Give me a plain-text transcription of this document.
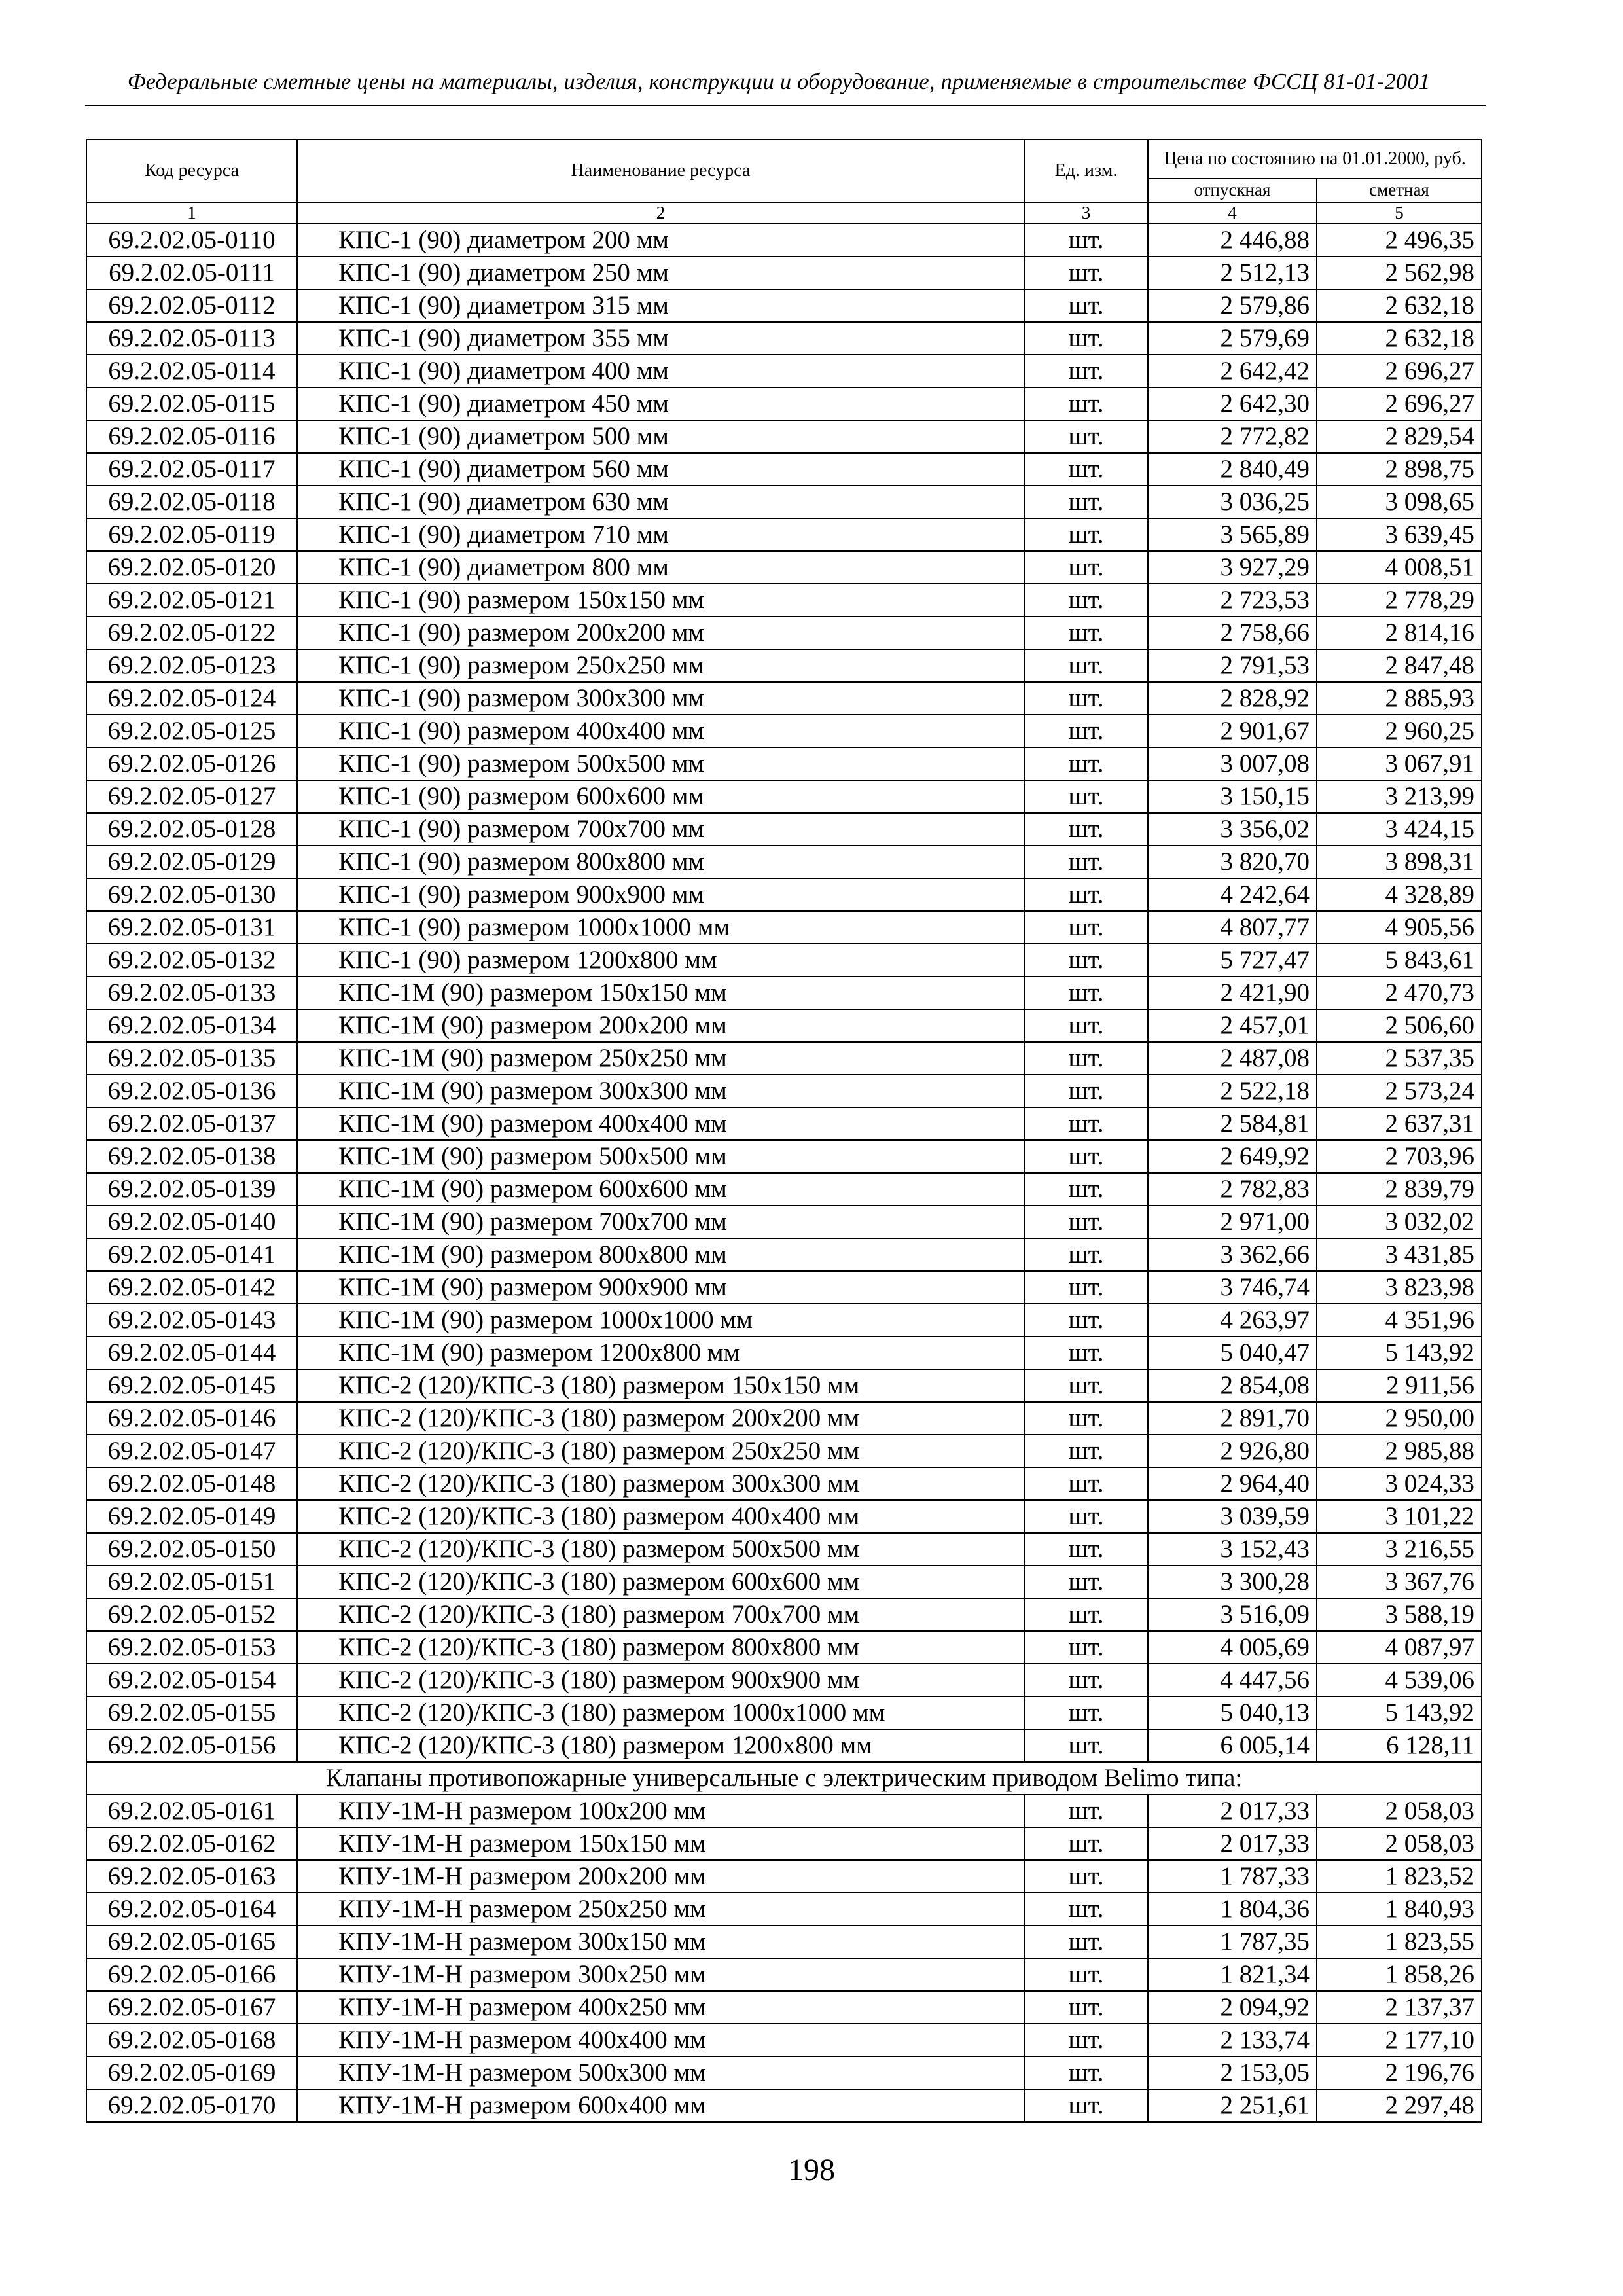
Федеральные сметные цены на материалы, изделия, конструкции и оборудование, применяемые в строительстве ФССЦ 81-01-2001
Код ресурса	Наименование ресурса	Ед. изм.	Цена по состоянию на 01.01.2000, руб.	
			отпускная	сметная
1	2	3	4	5
69.2.02.05-0110	КПС-1 (90) диаметром 200 мм	шт.	2 446,88	2 496,35
69.2.02.05-0111	КПС-1 (90) диаметром 250 мм	шт.	2 512,13	2 562,98
69.2.02.05-0112	КПС-1 (90) диаметром 315 мм	шт.	2 579,86	2 632,18
69.2.02.05-0113	КПС-1 (90) диаметром 355 мм	шт.	2 579,69	2 632,18
69.2.02.05-0114	КПС-1 (90) диаметром 400 мм	шт.	2 642,42	2 696,27
69.2.02.05-0115	КПС-1 (90) диаметром 450 мм	шт.	2 642,30	2 696,27
69.2.02.05-0116	КПС-1 (90) диаметром 500 мм	шт.	2 772,82	2 829,54
69.2.02.05-0117	КПС-1 (90) диаметром 560 мм	шт.	2 840,49	2 898,75
69.2.02.05-0118	КПС-1 (90) диаметром 630 мм	шт.	3 036,25	3 098,65
69.2.02.05-0119	КПС-1 (90) диаметром 710 мм	шт.	3 565,89	3 639,45
69.2.02.05-0120	КПС-1 (90) диаметром 800 мм	шт.	3 927,29	4 008,51
69.2.02.05-0121	КПС-1 (90) размером 150x150 мм	шт.	2 723,53	2 778,29
69.2.02.05-0122	КПС-1 (90) размером 200x200 мм	шт.	2 758,66	2 814,16
69.2.02.05-0123	КПС-1 (90) размером 250x250 мм	шт.	2 791,53	2 847,48
69.2.02.05-0124	КПС-1 (90) размером 300x300 мм	шт.	2 828,92	2 885,93
69.2.02.05-0125	КПС-1 (90) размером 400x400 мм	шт.	2 901,67	2 960,25
69.2.02.05-0126	КПС-1 (90) размером 500x500 мм	шт.	3 007,08	3 067,91
69.2.02.05-0127	КПС-1 (90) размером 600x600 мм	шт.	3 150,15	3 213,99
69.2.02.05-0128	КПС-1 (90) размером 700x700 мм	шт.	3 356,02	3 424,15
69.2.02.05-0129	КПС-1 (90) размером 800x800 мм	шт.	3 820,70	3 898,31
69.2.02.05-0130	КПС-1 (90) размером 900x900 мм	шт.	4 242,64	4 328,89
69.2.02.05-0131	КПС-1 (90) размером 1000x1000 мм	шт.	4 807,77	4 905,56
69.2.02.05-0132	КПС-1 (90) размером 1200x800 мм	шт.	5 727,47	5 843,61
69.2.02.05-0133	КПС-1М (90) размером 150x150 мм	шт.	2 421,90	2 470,73
69.2.02.05-0134	КПС-1М (90) размером 200x200 мм	шт.	2 457,01	2 506,60
69.2.02.05-0135	КПС-1М (90) размером 250x250 мм	шт.	2 487,08	2 537,35
69.2.02.05-0136	КПС-1М (90) размером 300x300 мм	шт.	2 522,18	2 573,24
69.2.02.05-0137	КПС-1М (90) размером 400x400 мм	шт.	2 584,81	2 637,31
69.2.02.05-0138	КПС-1М (90) размером 500x500 мм	шт.	2 649,92	2 703,96
69.2.02.05-0139	КПС-1М (90) размером 600x600 мм	шт.	2 782,83	2 839,79
69.2.02.05-0140	КПС-1М (90) размером 700x700 мм	шт.	2 971,00	3 032,02
69.2.02.05-0141	КПС-1М (90) размером 800x800 мм	шт.	3 362,66	3 431,85
69.2.02.05-0142	КПС-1М (90) размером 900x900 мм	шт.	3 746,74	3 823,98
69.2.02.05-0143	КПС-1М (90) размером 1000x1000 мм	шт.	4 263,97	4 351,96
69.2.02.05-0144	КПС-1М (90) размером 1200x800 мм	шт.	5 040,47	5 143,92
69.2.02.05-0145	КПС-2 (120)/КПС-3 (180) размером 150x150 мм	шт.	2 854,08	2 911,56
69.2.02.05-0146	КПС-2 (120)/КПС-3 (180) размером 200x200 мм	шт.	2 891,70	2 950,00
69.2.02.05-0147	КПС-2 (120)/КПС-3 (180) размером 250x250 мм	шт.	2 926,80	2 985,88
69.2.02.05-0148	КПС-2 (120)/КПС-3 (180) размером 300x300 мм	шт.	2 964,40	3 024,33
69.2.02.05-0149	КПС-2 (120)/КПС-3 (180) размером 400x400 мм	шт.	3 039,59	3 101,22
69.2.02.05-0150	КПС-2 (120)/КПС-3 (180) размером 500x500 мм	шт.	3 152,43	3 216,55
69.2.02.05-0151	КПС-2 (120)/КПС-3 (180) размером 600x600 мм	шт.	3 300,28	3 367,76
69.2.02.05-0152	КПС-2 (120)/КПС-3 (180) размером 700x700 мм	шт.	3 516,09	3 588,19
69.2.02.05-0153	КПС-2 (120)/КПС-3 (180) размером 800x800 мм	шт.	4 005,69	4 087,97
69.2.02.05-0154	КПС-2 (120)/КПС-3 (180) размером 900x900 мм	шт.	4 447,56	4 539,06
69.2.02.05-0155	КПС-2 (120)/КПС-3 (180) размером 1000x1000 мм	шт.	5 040,13	5 143,92
69.2.02.05-0156	КПС-2 (120)/КПС-3 (180) размером 1200x800 мм	шт.	6 005,14	6 128,11
Клапаны противопожарные универсальные с электрическим приводом Belimo типа:				
69.2.02.05-0161	КПУ-1М-Н размером 100x200 мм	шт.	2 017,33	2 058,03
69.2.02.05-0162	КПУ-1М-Н размером 150x150 мм	шт.	2 017,33	2 058,03
69.2.02.05-0163	КПУ-1М-Н размером 200x200 мм	шт.	1 787,33	1 823,52
69.2.02.05-0164	КПУ-1М-Н размером 250x250 мм	шт.	1 804,36	1 840,93
69.2.02.05-0165	КПУ-1М-Н размером 300x150 мм	шт.	1 787,35	1 823,55
69.2.02.05-0166	КПУ-1М-Н размером 300x250 мм	шт.	1 821,34	1 858,26
69.2.02.05-0167	КПУ-1М-Н размером 400x250 мм	шт.	2 094,92	2 137,37
69.2.02.05-0168	КПУ-1М-Н размером 400x400 мм	шт.	2 133,74	2 177,10
69.2.02.05-0169	КПУ-1М-Н размером 500x300 мм	шт.	2 153,05	2 196,76
69.2.02.05-0170	КПУ-1М-Н размером 600x400 мм	шт.	2 251,61	2 297,48
198
